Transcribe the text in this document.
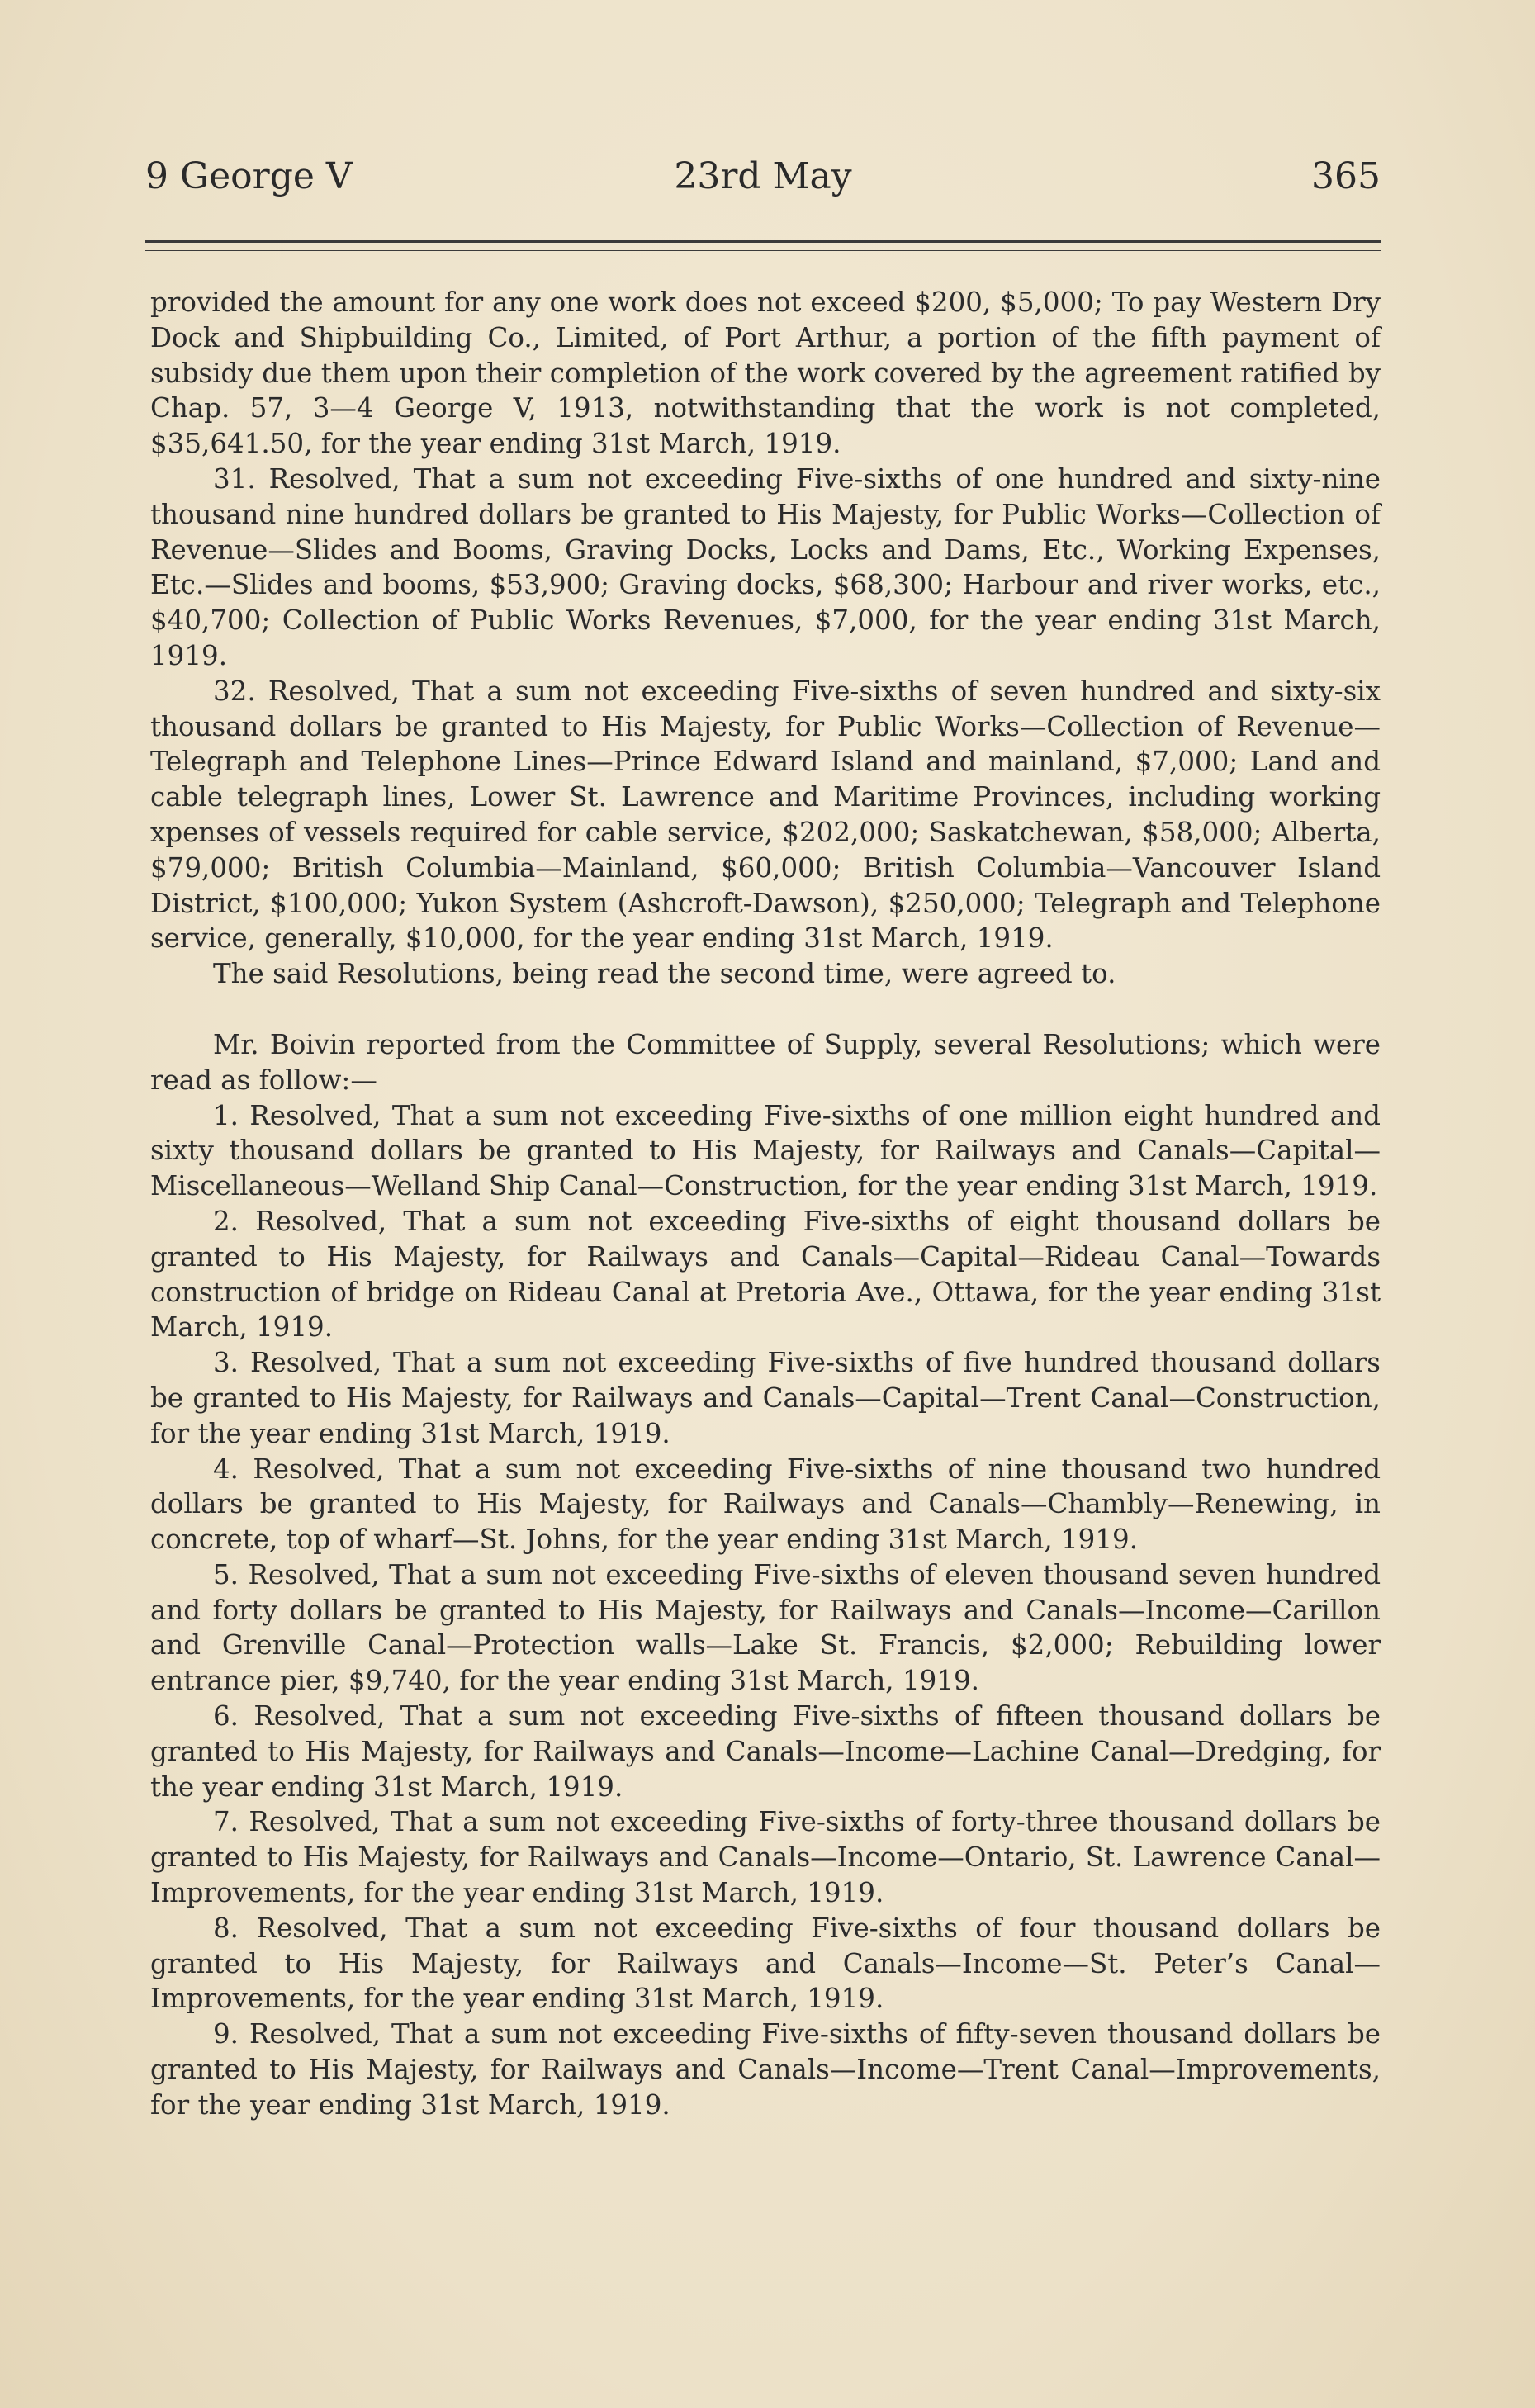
9 George V	23rd May	365

provided the amount for any one work does not exceed $200, $5,000; To pay Western Dry Dock and Shipbuilding Co., Limited, of Port Arthur, a portion of the fifth payment of subsidy due them upon their completion of the work covered by the agreement ratified by Chap. 57, 3—4 George V, 1913, notwithstanding that the work is not completed, $35,641.50, for the year ending 31st March, 1919.

31. Resolved, That a sum not exceeding Five-sixths of one hundred and sixty-nine thousand nine hundred dollars be granted to His Majesty, for Public Works—Collection of Revenue—Slides and Booms, Graving Docks, Locks and Dams, Etc., Working Expenses, Etc.—Slides and booms, $53,900; Graving docks, $68,300; Harbour and river works, etc., $40,700; Collection of Public Works Revenues, $7,000, for the year ending 31st March, 1919.

32. Resolved, That a sum not exceeding Five-sixths of seven hundred and sixty-six thousand dollars be granted to His Majesty, for Public Works—Collection of Revenue—Telegraph and Telephone Lines—Prince Edward Island and mainland, $7,000; Land and cable telegraph lines, Lower St. Lawrence and Maritime Provinces, including working xpenses of vessels required for cable service, $202,000; Saskatchewan, $58,000; Alberta, $79,000; British Columbia—Mainland, $60,000; British Columbia—Vancouver Island District, $100,000; Yukon System (Ashcroft-Dawson), $250,000; Telegraph and Telephone service, generally, $10,000, for the year ending 31st March, 1919.

The said Resolutions, being read the second time, were agreed to.

Mr. Boivin reported from the Committee of Supply, several Resolutions; which were read as follow:—

1. Resolved, That a sum not exceeding Five-sixths of one million eight hundred and sixty thousand dollars be granted to His Majesty, for Railways and Canals—Capital—Miscellaneous—Welland Ship Canal—Construction, for the year ending 31st March, 1919.

2. Resolved, That a sum not exceeding Five-sixths of eight thousand dollars be granted to His Majesty, for Railways and Canals—Capital—Rideau Canal—Towards construction of bridge on Rideau Canal at Pretoria Ave., Ottawa, for the year ending 31st March, 1919.

3. Resolved, That a sum not exceeding Five-sixths of five hundred thousand dollars be granted to His Majesty, for Railways and Canals—Capital—Trent Canal—Construction, for the year ending 31st March, 1919.

4. Resolved, That a sum not exceeding Five-sixths of nine thousand two hundred dollars be granted to His Majesty, for Railways and Canals—Chambly—Renewing, in concrete, top of wharf—St. Johns, for the year ending 31st March, 1919.

5. Resolved, That a sum not exceeding Five-sixths of eleven thousand seven hundred and forty dollars be granted to His Majesty, for Railways and Canals—Income—Carillon and Grenville Canal—Protection walls—Lake St. Francis, $2,000; Rebuilding lower entrance pier, $9,740, for the year ending 31st March, 1919.

6. Resolved, That a sum not exceeding Five-sixths of fifteen thousand dollars be granted to His Majesty, for Railways and Canals—Income—Lachine Canal—Dredging, for the year ending 31st March, 1919.

7. Resolved, That a sum not exceeding Five-sixths of forty-three thousand dollars be granted to His Majesty, for Railways and Canals—Income—Ontario, St. Lawrence Canal—Improvements, for the year ending 31st March, 1919.

8. Resolved, That a sum not exceeding Five-sixths of four thousand dollars be granted to His Majesty, for Railways and Canals—Income—St. Peter’s Canal—Improvements, for the year ending 31st March, 1919.

9. Resolved, That a sum not exceeding Five-sixths of fifty-seven thousand dollars be granted to His Majesty, for Railways and Canals—Income—Trent Canal—Improvements, for the year ending 31st March, 1919.
